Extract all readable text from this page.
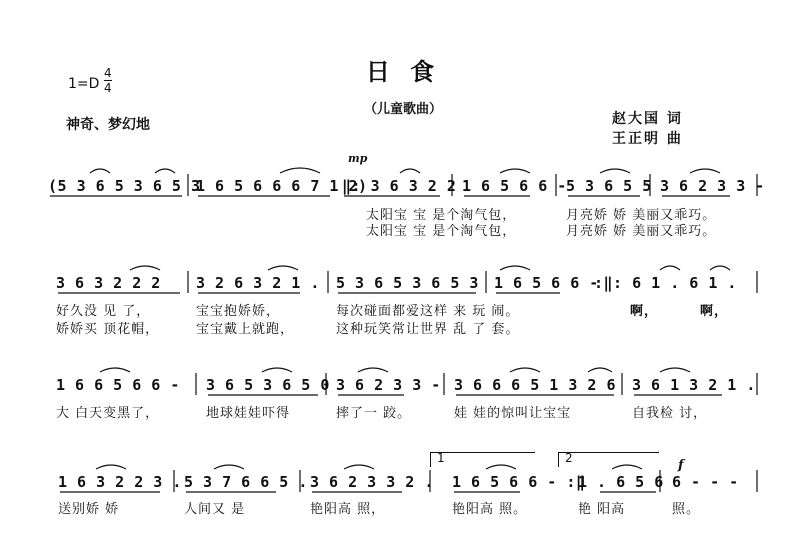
日 食
（儿童歌曲）
$1=D \frac{4}{4}$
神奇、梦幻地	赵大国 词
王正明 曲
mp
f
(5 3 6 5 3 6 5 3
1 6 5 6 6 6 7 1 2)
‖: 3 6 3 2 2 1 6 5 6 6 - 5 3 6 5 5 3 6 2 3 3 -
太阳宝 宝 是个淘气包，	月亮娇 娇 美丽又乖巧。
太阳宝 宝 是个淘气包，	月亮娇 娇 美丽又乖巧。
3 6 3 2 2 2 3 2 6 3 2 1 . 5 3 6 5 3 6 5 3 1 6 5 6 6 -
:‖: 6 1 . 6 1 .
好久没 见 了，	宝宝抱娇娇，	每次碰面都爱这样 来 玩 闹。	啊，	啊，
娇娇买 顶花帽，	宝宝戴上就跑，	这种玩笑常让世界 乱 了 套。
1 6 6 5 6 6 - 3 6 5 3 6 5 0 3 6 2 3 3 - 3 6 6 6 5 1 3 2 6 3 6 1 3 2 1 .
大 白天变黑了，	地球娃娃吓得	摔了一 跤。	娃 娃的惊叫让宝宝	自我检 讨，
1 6 3 2 2 3 . 5 3 7 6 6 5 . 3 6 2 3 3 2 . 1 6 5 6 6 - :‖
1 . 6 5 6 6 - - -
送别娇 娇	人间又 是	艳阳高 照，	艳阳高 照。	艳 阳高	照。
1	2
